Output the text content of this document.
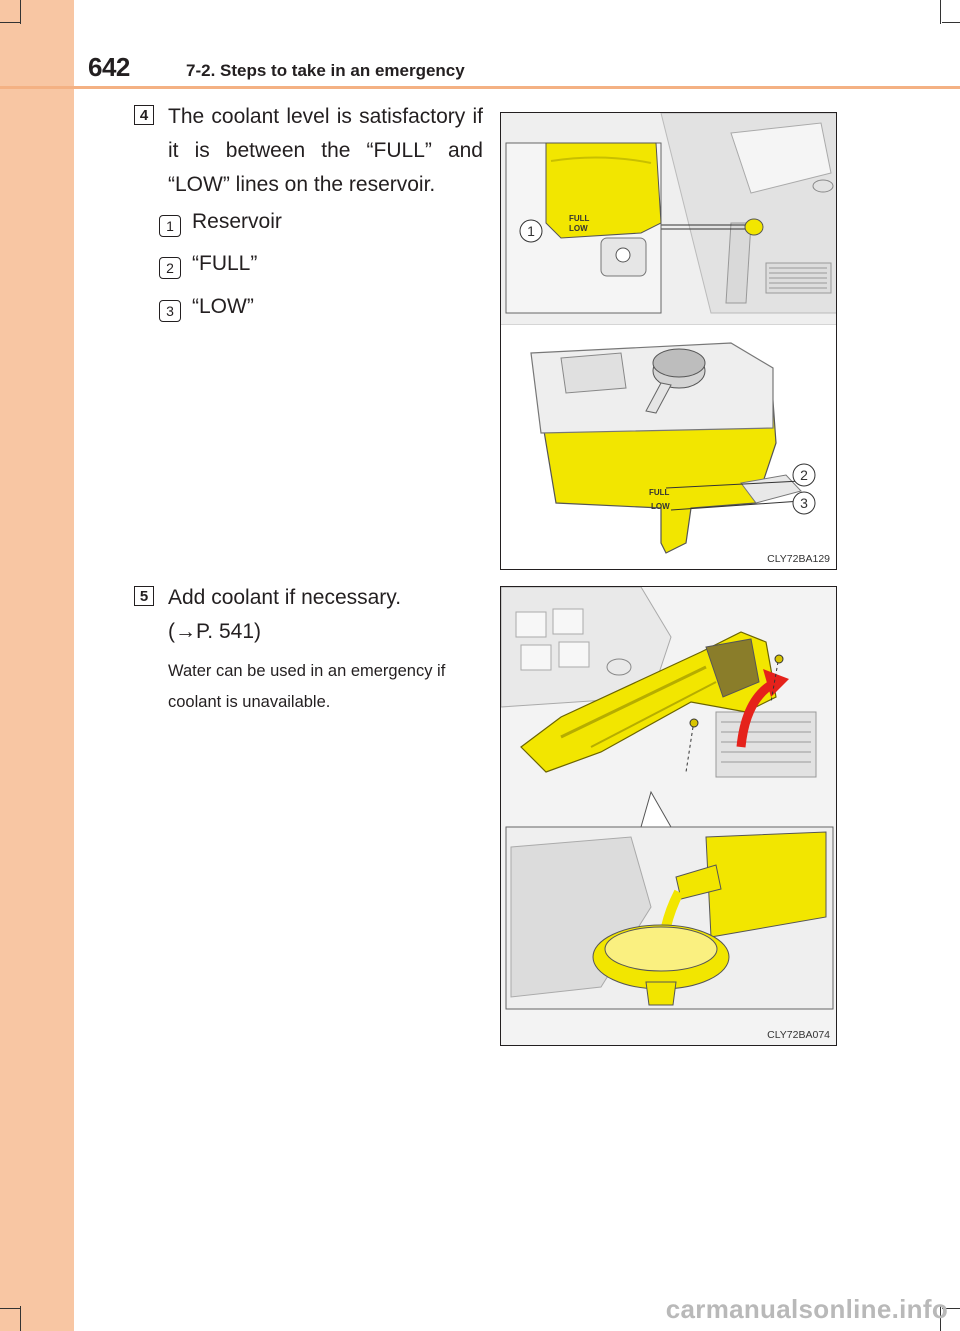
642	7-2. Steps to take in an emergency
4 The coolant level is satisfactory if it is between the “FULL” and “LOW” lines on the reservoir.
1 Reservoir
2 “FULL”
3 “LOW”
FULL
LOW
FULL
LOW
1
2
3
CLY72BA129
5 Add coolant if necessary.
(→P. 541)
Water can be used in an emergency if coolant is unavailable.
CLY72BA074
carmanualsonline.info
